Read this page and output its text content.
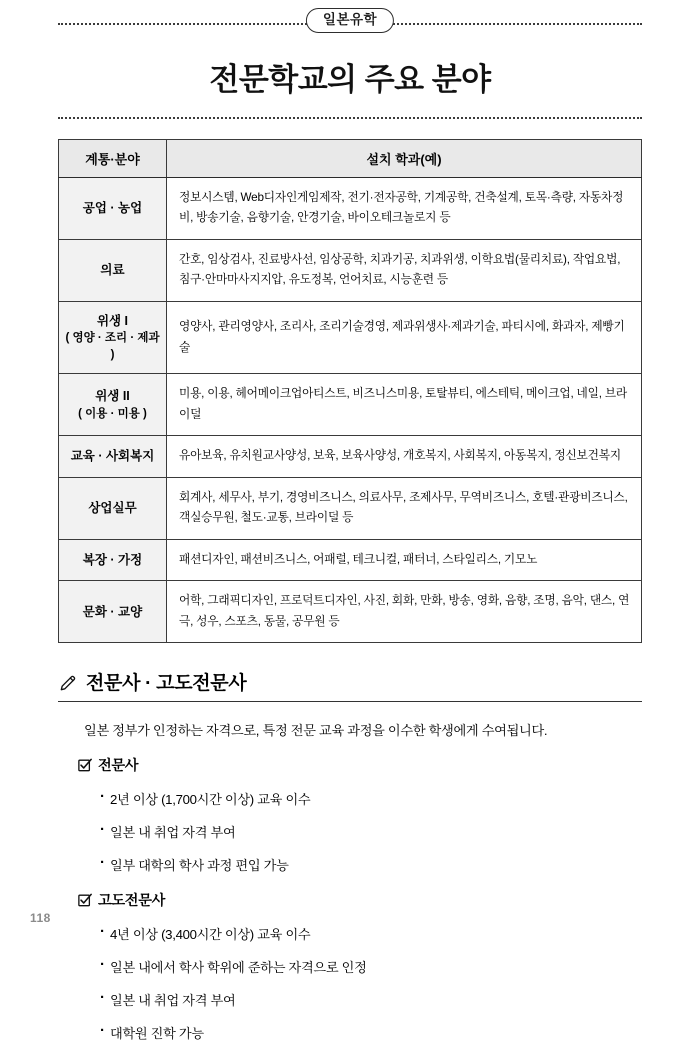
일본유학
전문학교의 주요 분야
계통·분야	설치 학과(예)
공업 · 농업	정보시스템, Web디자인게임제작, 전기·전자공학, 기계공학, 건축설계, 토목·측량, 자동차정비, 방송기술, 음향기술, 안경기술, 바이오테크놀로지 등
의료	간호, 임상검사, 진료방사선, 임상공학, 치과기공, 치과위생, 이학요법(물리치료), 작업요법, 침구·안마마사지지압, 유도정복, 언어치료, 시능훈련 등
위생 I
( 영양 · 조리 · 제과 )	영양사, 관리영양사, 조리사, 조리기술경영, 제과위생사·제과기술, 파티시에, 화과자, 제빵기술
위생 II
( 이용 · 미용 )	미용, 이용, 헤어메이크업아티스트, 비즈니스미용, 토탈뷰티, 에스테틱, 메이크업, 네일, 브라이덜
교육 · 사회복지	유아보육, 유치원교사양성, 보육, 보육사양성, 개호복지, 사회복지, 아동복지, 정신보건복지
상업실무	회계사, 세무사, 부기, 경영비즈니스, 의료사무, 조제사무, 무역비즈니스, 호텔·관광비즈니스, 객실승무원, 철도·교통, 브라이덜 등
복장 · 가정	패션디자인, 패션비즈니스, 어패럴, 테크니컬, 패터너, 스타일리스, 기모노
문화 · 교양	어학, 그래픽디자인, 프로덕트디자인, 사진, 회화, 만화, 방송, 영화, 음향, 조명, 음악, 댄스, 연극, 성우, 스포츠, 동물, 공무원 등
전문사 · 고도전문사

일본 정부가 인정하는 자격으로, 특정 전문 교육 과정을 이수한 학생에게 수여됩니다.

전문사
· 2년 이상 (1,700시간 이상) 교육 이수
· 일본 내 취업 자격 부여
· 일부 대학의 학사 과정 편입 가능
고도전문사
· 4년 이상 (3,400시간 이상) 교육 이수
· 일본 내에서 학사 학위에 준하는 자격으로 인정
· 일본 내 취업 자격 부여
· 대학원 진학 가능
118
